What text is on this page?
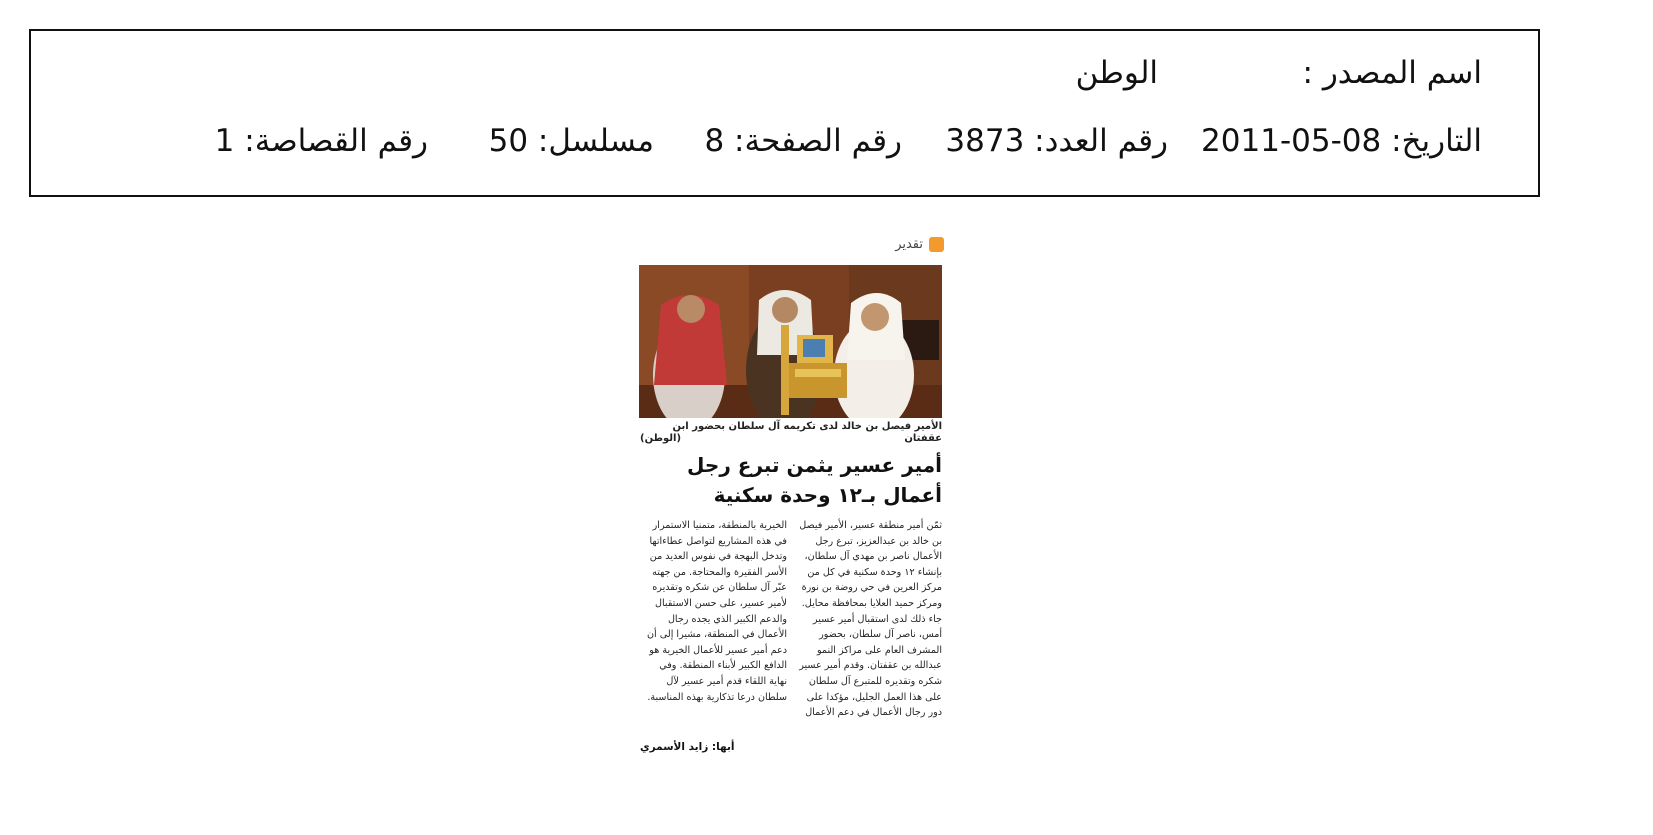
اسم المصدر :
الوطن
التاريخ: 08-05-2011
رقم العدد: 3873
رقم الصفحة: 8
مسلسل: 50
رقم القصاصة: 1
تقدير
الأمير فيصل بن خالد لدى تكريمه آل سلطان بحضور ابن عقفتان
(الوطن)
أمير عسير يثمن تبرع رجل أعمال بـ١٢ وحدة سكنية

ثمّن أمير منطقة عسير، الأمير فيصل بن خالد بن عبدالعزيز، تبرع رجل الأعمال ناصر بن مهدي آل سلطان، بإنشاء ١٢ وحدة سكنية في كل من مركز العرين في حي روضة بن نورة ومركز حميد العلايا بمحافظة محايل. جاء ذلك لدى استقبال أمير عسير أمس، ناصر آل سلطان، بحضور المشرف العام على مراكز النمو عبدالله بن عقفتان. وقدم أمير عسير شكره وتقديره للمتبرع آل سلطان على هذا العمل الجليل، مؤكدا على دور رجال الأعمال في دعم الأعمال

الخيرية بالمنطقة، متمنيا الاستمرار في هذه المشاريع لتواصل عطاءاتها وتدخل البهجة في نفوس العديد من الأسر الفقيرة والمحتاجة. من جهته عبّر آل سلطان عن شكره وتقديره لأمير عسير، على حسن الاستقبال والدعم الكبير الذي يجده رجال الأعمال في المنطقة، مشيرا إلى أن دعم أمير عسير للأعمال الخيرية هو الدافع الكبير لأبناء المنطقة. وفي نهاية اللقاء قدم أمير عسير لآل سلطان درعا تذكارية بهذه المناسبة.

أبها: زايد الأسمري
